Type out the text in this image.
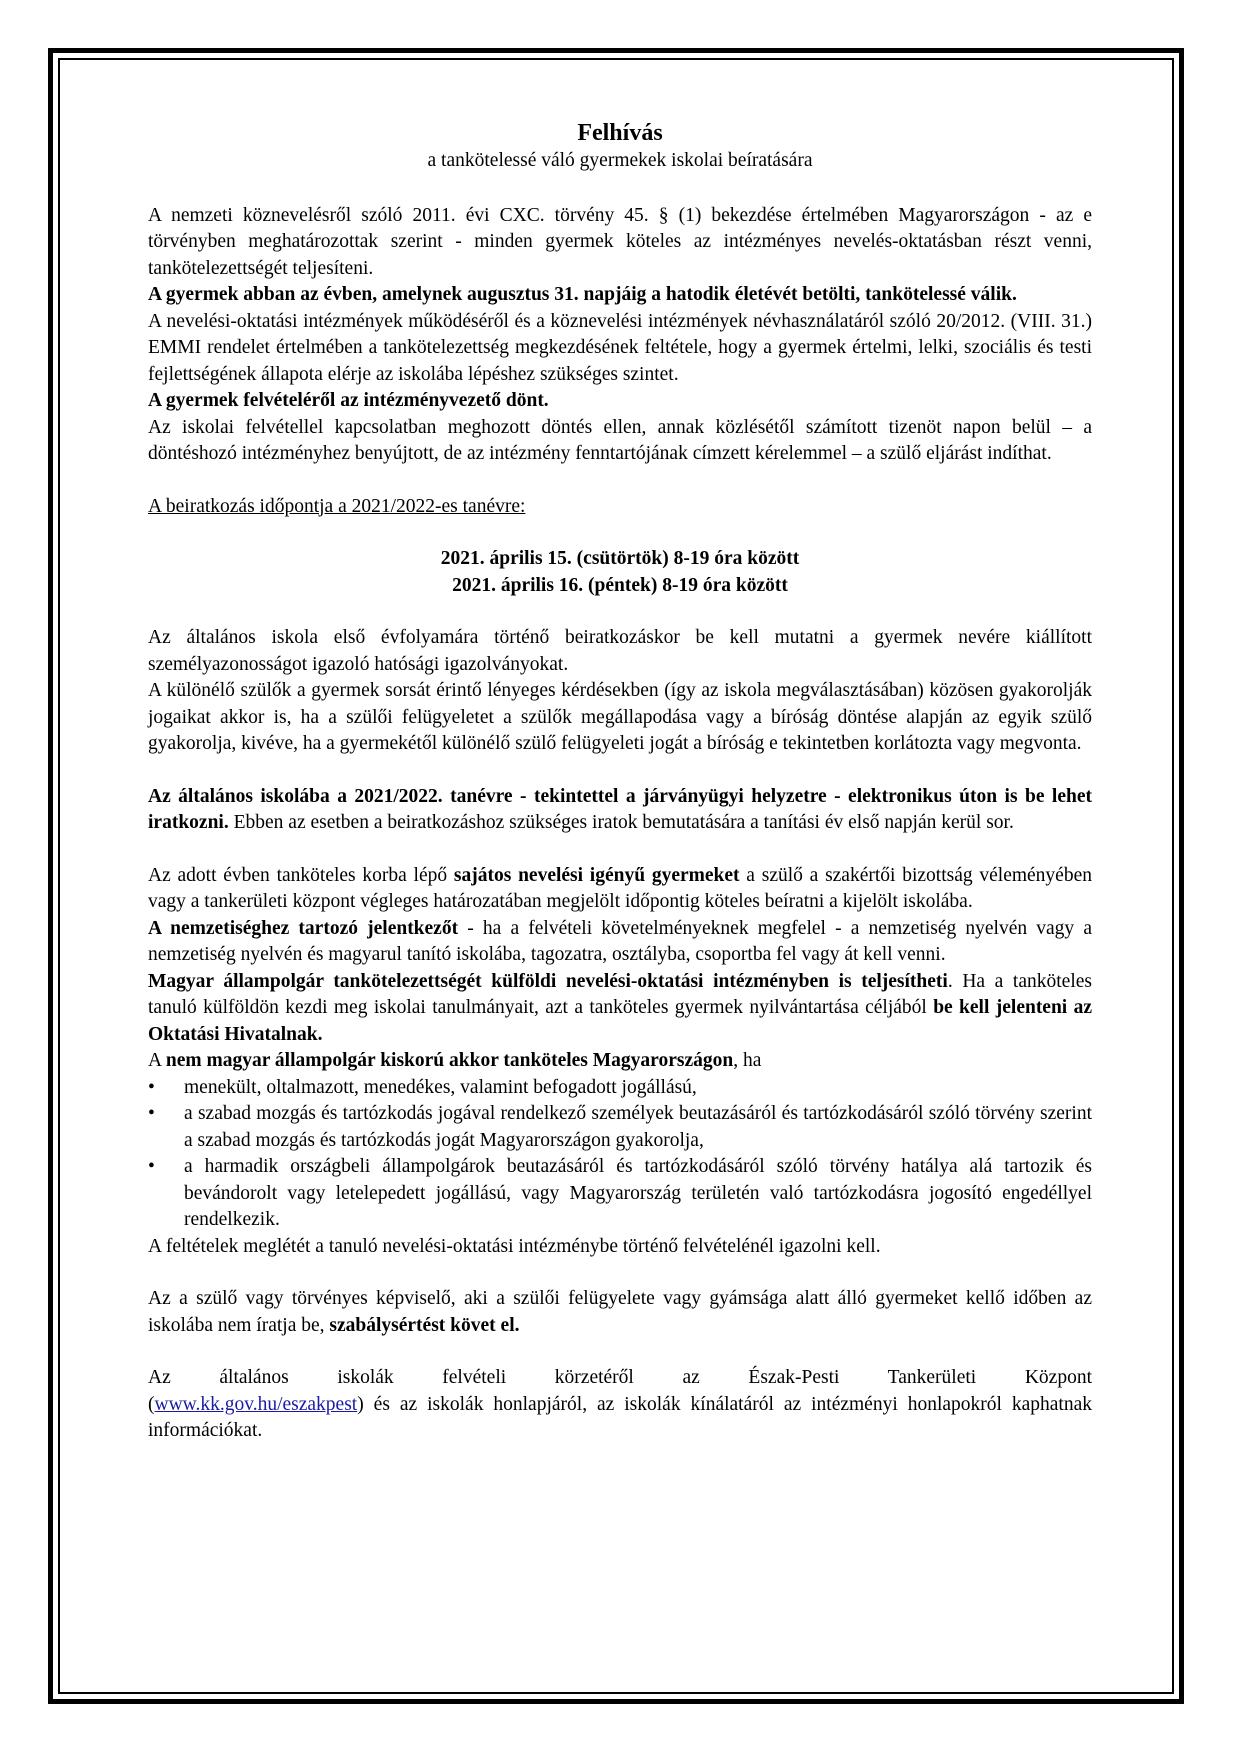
Felhívás

a tankötelessé váló gyermekek iskolai beíratására

A nemzeti köznevelésről szóló 2011. évi CXC. törvény 45. § (1) bekezdése értelmében Magyarországon - az e törvényben meghatározottak szerint - minden gyermek köteles az intézményes nevelés-oktatásban részt venni, tankötelezettségét teljesíteni.

A gyermek abban az évben, amelynek augusztus 31. napjáig a hatodik életévét betölti, tankötelessé válik.

A nevelési-oktatási intézmények működéséről és a köznevelési intézmények névhasználatáról szóló 20/2012. (VIII. 31.) EMMI rendelet értelmében a tankötelezettség megkezdésének feltétele, hogy a gyermek értelmi, lelki, szociális és testi fejlettségének állapota elérje az iskolába lépéshez szükséges szintet.

A gyermek felvételéről az intézményvezető dönt.

Az iskolai felvétellel kapcsolatban meghozott döntés ellen, annak közlésétől számított tizenöt napon belül – a döntéshozó intézményhez benyújtott, de az intézmény fenntartójának címzett kérelemmel – a szülő eljárást indíthat.

A beiratkozás időpontja a 2021/2022-es tanévre:

2021. április 15. (csütörtök) 8-19 óra között

2021. április 16. (péntek) 8-19 óra között

Az általános iskola első évfolyamára történő beiratkozáskor be kell mutatni a gyermek nevére kiállított személyazonosságot igazoló hatósági igazolványokat.

A különélő szülők a gyermek sorsát érintő lényeges kérdésekben (így az iskola megválasztásában) közösen gyakorolják jogaikat akkor is, ha a szülői felügyeletet a szülők megállapodása vagy a bíróság döntése alapján az egyik szülő gyakorolja, kivéve, ha a gyermekétől különélő szülő felügyeleti jogát a bíróság e tekintetben korlátozta vagy megvonta.

Az általános iskolába a 2021/2022. tanévre - tekintettel a járványügyi helyzetre - elektronikus úton is be lehet iratkozni. Ebben az esetben a beiratkozáshoz szükséges iratok bemutatására a tanítási év első napján kerül sor.

Az adott évben tanköteles korba lépő sajátos nevelési igényű gyermeket a szülő a szakértői bizottság véleményében vagy a tankerületi központ végleges határozatában megjelölt időpontig köteles beíratni a kijelölt iskolába.

A nemzetiséghez tartozó jelentkezőt - ha a felvételi követelményeknek megfelel - a nemzetiség nyelvén vagy a nemzetiség nyelvén és magyarul tanító iskolába, tagozatra, osztályba, csoportba fel vagy át kell venni.

Magyar állampolgár tankötelezettségét külföldi nevelési-oktatási intézményben is teljesítheti. Ha a tanköteles tanuló külföldön kezdi meg iskolai tanulmányait, azt a tanköteles gyermek nyilvántartása céljából be kell jelenteni az Oktatási Hivatalnak.

A nem magyar állampolgár kiskorú akkor tanköteles Magyarországon, ha

• menekült, oltalmazott, menedékes, valamint befogadott jogállású,
• a szabad mozgás és tartózkodás jogával rendelkező személyek beutazásáról és tartózkodásáról szóló törvény szerint a szabad mozgás és tartózkodás jogát Magyarországon gyakorolja,
• a harmadik országbeli állampolgárok beutazásáról és tartózkodásáról szóló törvény hatálya alá tartozik és bevándorolt vagy letelepedett jogállású, vagy Magyarország területén való tartózkodásra jogosító engedéllyel rendelkezik.

A feltételek meglétét a tanuló nevelési-oktatási intézménybe történő felvételénél igazolni kell.

Az a szülő vagy törvényes képviselő, aki a szülői felügyelete vagy gyámsága alatt álló gyermeket kellő időben az iskolába nem íratja be, szabálysértést követ el.

Az általános iskolák felvételi körzetéről az Észak-Pesti Tankerületi Központ
(www.kk.gov.hu/eszakpest) és az iskolák honlapjáról, az iskolák kínálatáról az intézményi honlapokról kaphatnak információkat.
